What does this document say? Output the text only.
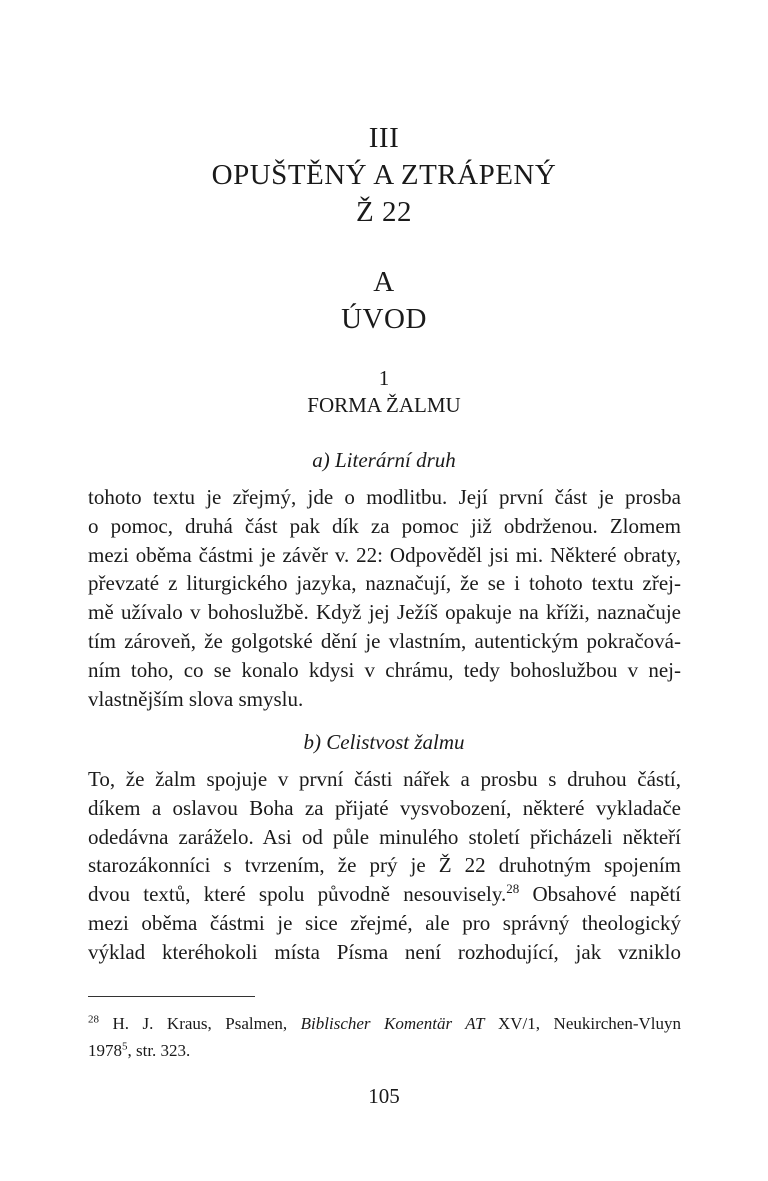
III
OPUŠTĚNÝ A ZTRÁPENÝ
Ž 22
A
ÚVOD
1
FORMA ŽALMU
a) Literární druh
tohoto textu je zřejmý, jde o modlitbu. Její první část je prosba
o pomoc, druhá část pak dík za pomoc již obdrženou. Zlomem
mezi oběma částmi je závěr v. 22: Odpověděl jsi mi. Některé obraty,
převzaté z liturgického jazyka, naznačují, že se i tohoto textu zřej-
mě užívalo v bohoslužbě. Když jej Ježíš opakuje na kříži, naznačuje
tím zároveň, že golgotské dění je vlastním, autentickým pokračová-
ním toho, co se konalo kdysi v chrámu, tedy bohoslužbou v nej-
vlastnějším slova smyslu.
b) Celistvost žalmu
To, že žalm spojuje v první části nářek a prosbu s druhou částí,
díkem a oslavou Boha za přijaté vysvobození, některé vykladače
odedávna zaráželo. Asi od půle minulého století přicházeli někteří
starozákonníci s tvrzením, že prý je Ž 22 druhotným spojením
dvou textů, které spolu původně nesouvisely.$^{28}$ Obsahové napětí
mezi oběma částmi je sice zřejmé, ale pro správný theologický
výklad kteréhokoli místa Písma není rozhodující, jak vzniklo
$^{28}$ H. J. Kraus, Psalmen, Biblischer Komentär AT XV/1, Neukirchen-Vluyn
1978$^5$, str. 323.
105
